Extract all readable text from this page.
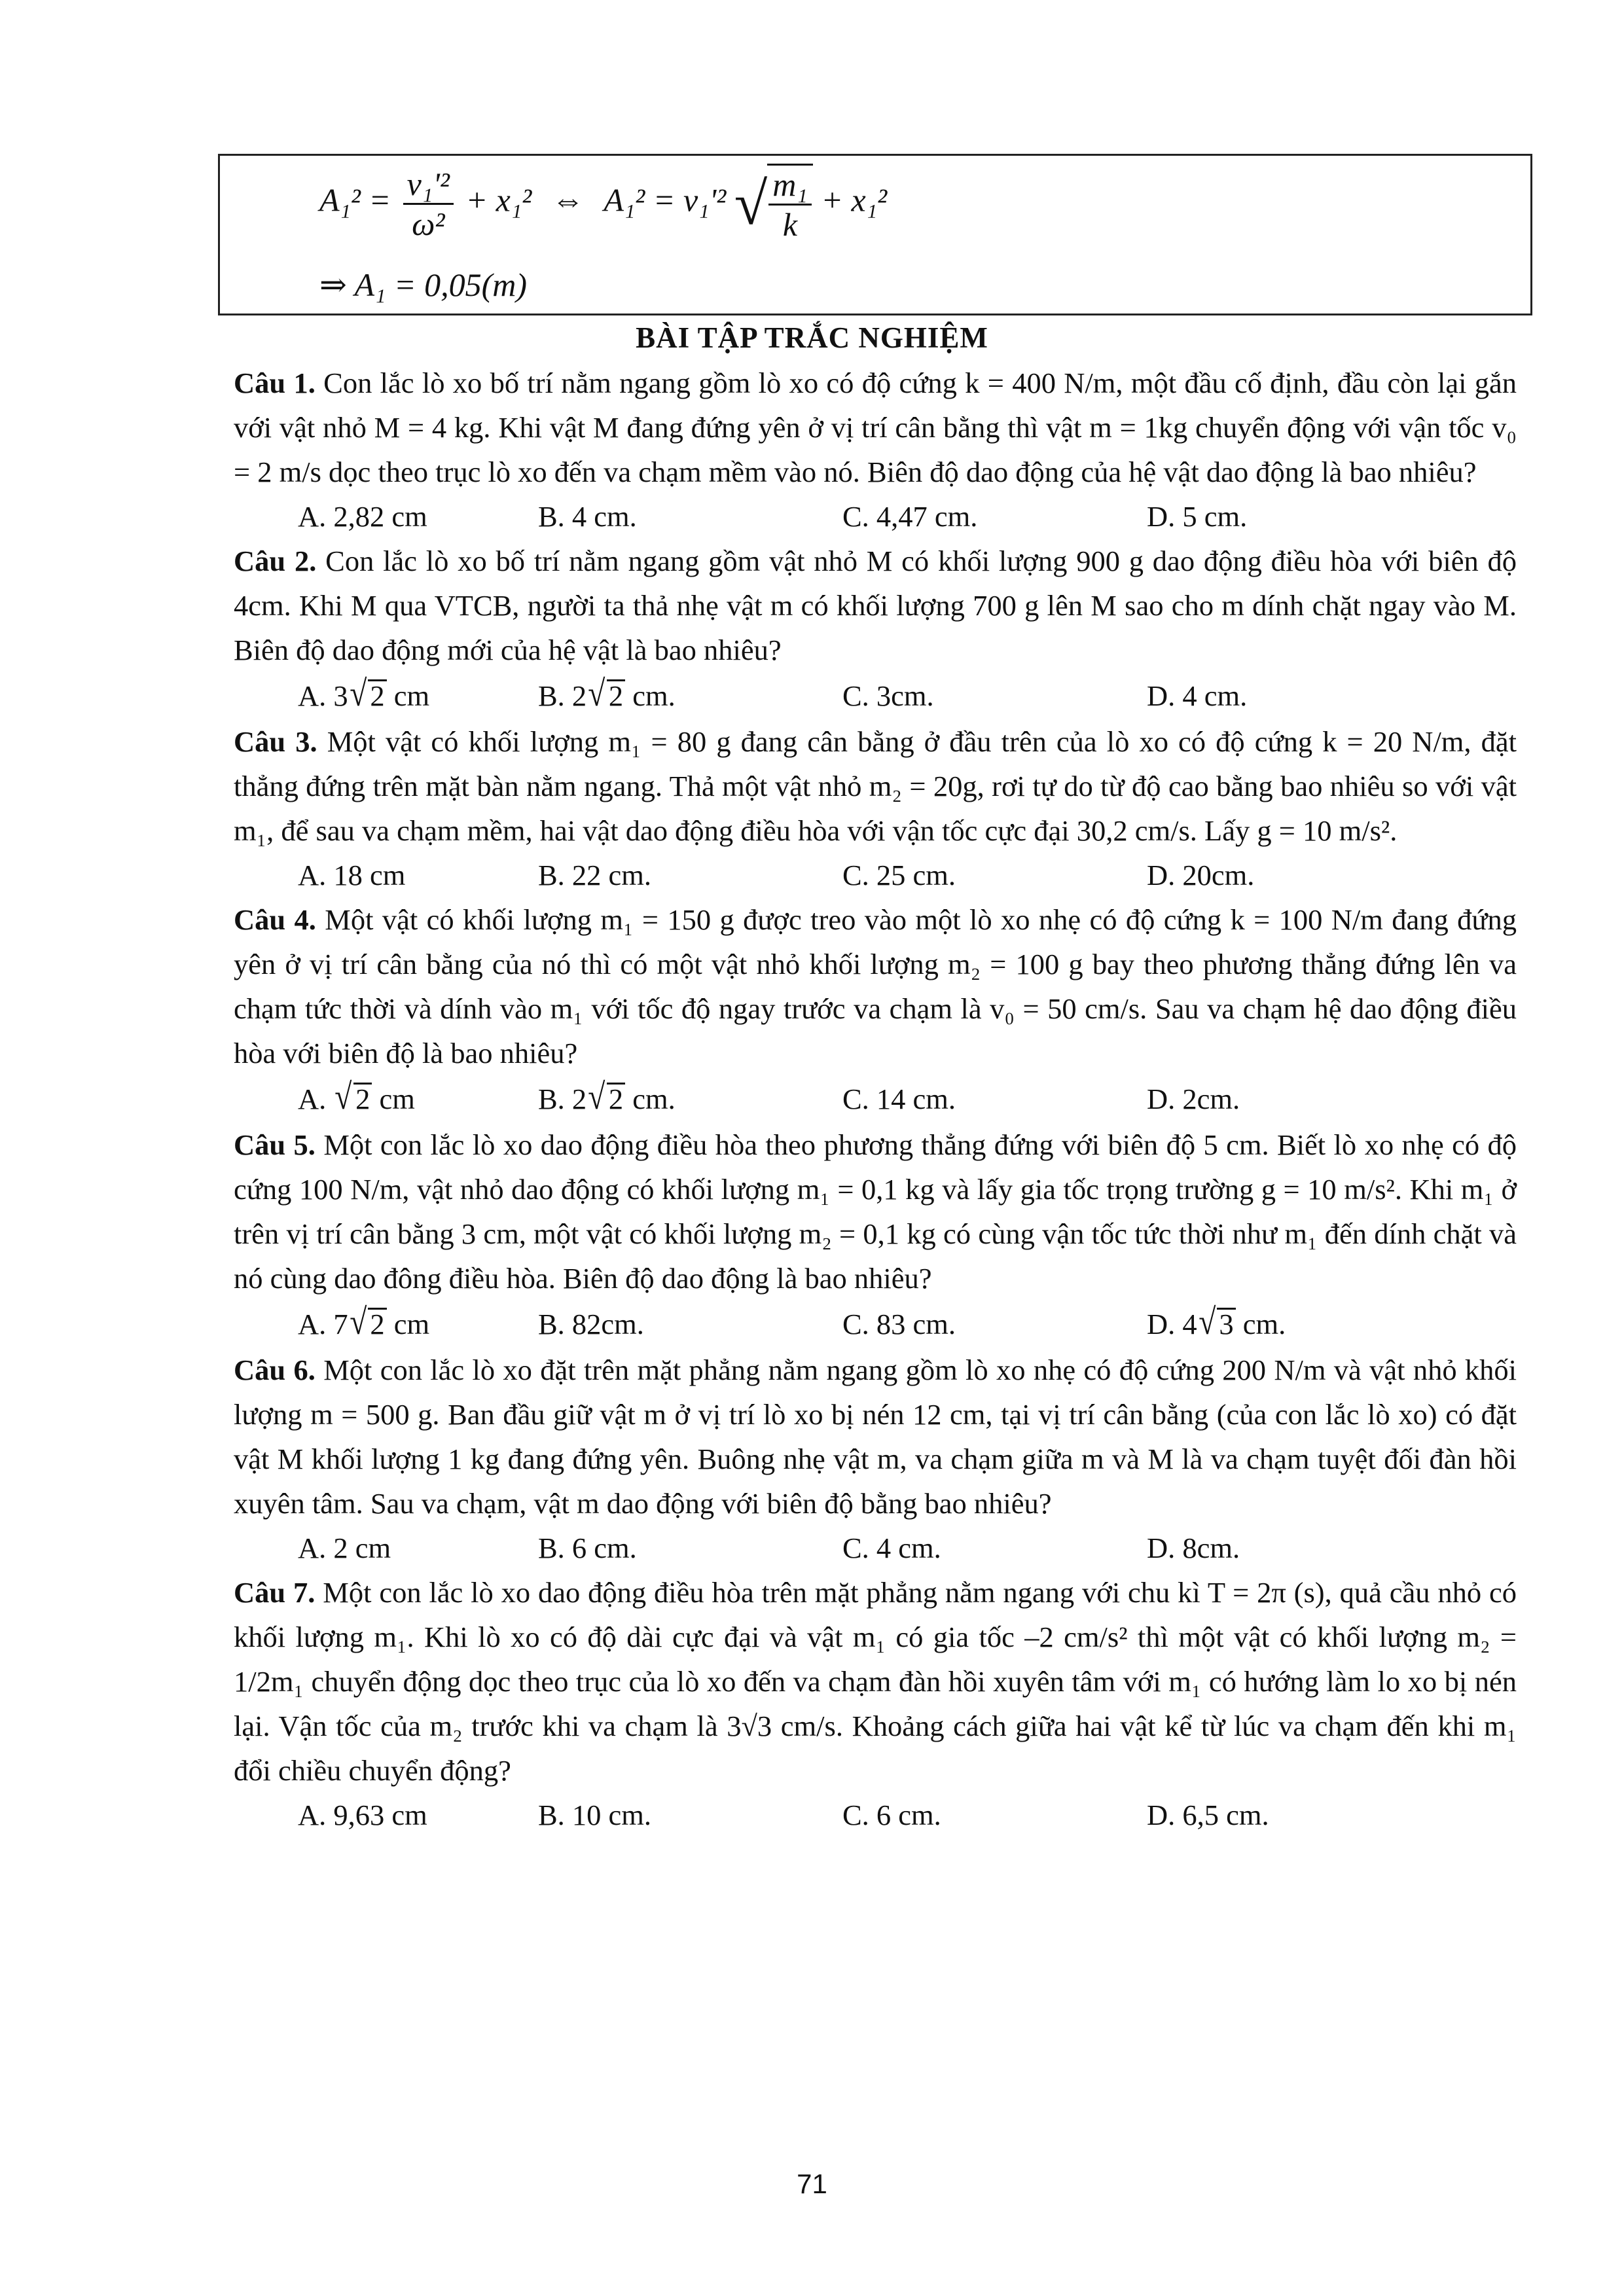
$A_1^2 = \frac{\text{v₁'²}}{\text{ω²}} + x_1^2$ ⇔ A₁² = v₁'² √ $\frac{\text{m₁}}{k} + x_1^2$
⇒ A₁ = 0,05(m)
BÀI TẬP TRẮC NGHIỆM

Câu 1. Con lắc lò xo bố trí nằm ngang gồm lò xo có độ cứng k = 400 N/m, một đầu cố định, đầu còn lại gắn với vật nhỏ M = 4 kg. Khi vật M đang đứng yên ở vị trí cân bằng thì vật m = 1kg chuyển động với vận tốc v₀ = 2 m/s dọc theo trục lò xo đến va chạm mềm vào nó. Biên độ dao động của hệ vật dao động là bao nhiêu?

A. 2,82 cm	B. 4 cm.	C. 4,47 cm.	D. 5 cm.

Câu 2. Con lắc lò xo bố trí nằm ngang gồm vật nhỏ M có khối lượng 900 g dao động điều hòa với biên độ 4cm. Khi M qua VTCB, người ta thả nhẹ vật m có khối lượng 700 g lên M sao cho m dính chặt ngay vào M. Biên độ dao động mới của hệ vật là bao nhiêu?

A. 3√ 2 cm	B. 2√ 2 cm.	C. 3cm.	D. 4 cm.

Câu 3. Một vật có khối lượng m₁ = 80 g đang cân bằng ở đầu trên của lò xo có độ cứng k = 20 N/m, đặt thẳng đứng trên mặt bàn nằm ngang. Thả một vật nhỏ m₂ = 20g, rơi tự do từ độ cao bằng bao nhiêu so với vật m₁, để sau va chạm mềm, hai vật dao động điều hòa với vận tốc cực đại 30,2 cm/s. Lấy g = 10 m/s².

A. 18 cm	B. 22 cm.	C. 25 cm.	D. 20cm.

Câu 4. Một vật có khối lượng m₁ = 150 g được treo vào một lò xo nhẹ có độ cứng k = 100 N/m đang đứng yên ở vị trí cân bằng của nó thì có một vật nhỏ khối lượng m₂ = 100 g bay theo phương thẳng đứng lên va chạm tức thời và dính vào m₁ với tốc độ ngay trước va chạm là v₀ = 50 cm/s. Sau va chạm hệ dao động điều hòa với biên độ là bao nhiêu?

A. √ 2 cm	B. 2√ 2 cm.	C. 14 cm.	D. 2cm.

Câu 5. Một con lắc lò xo dao động điều hòa theo phương thẳng đứng với biên độ 5 cm. Biết lò xo nhẹ có độ cứng 100 N/m, vật nhỏ dao động có khối lượng m₁ = 0,1 kg và lấy gia tốc trọng trường g = 10 m/s². Khi m₁ ở trên vị trí cân bằng 3 cm, một vật có khối lượng m₂ = 0,1 kg có cùng vận tốc tức thời như m₁ đến dính chặt và nó cùng dao đông điều hòa. Biên độ dao động là bao nhiêu?

A. 7√ 2 cm	B. 82cm.	C. 83 cm.	D. 4√ 3 cm.

Câu 6. Một con lắc lò xo đặt trên mặt phẳng nằm ngang gồm lò xo nhẹ có độ cứng 200 N/m và vật nhỏ khối lượng m = 500 g. Ban đầu giữ vật m ở vị trí lò xo bị nén 12 cm, tại vị trí cân bằng (của con lắc lò xo) có đặt vật M khối lượng 1 kg đang đứng yên. Buông nhẹ vật m, va chạm giữa m và M là va chạm tuyệt đối đàn hồi xuyên tâm. Sau va chạm, vật m dao động với biên độ bằng bao nhiêu?

A. 2 cm	B. 6 cm.	C. 4 cm.	D. 8cm.

Câu 7. Một con lắc lò xo dao động điều hòa trên mặt phẳng nằm ngang với chu kì T = 2π (s), quả cầu nhỏ có khối lượng m₁. Khi lò xo có độ dài cực đại và vật m₁ có gia tốc –2 cm/s² thì một vật có khối lượng m₂ = 1/2m₁ chuyển động dọc theo trục của lò xo đến va chạm đàn hồi xuyên tâm với m₁ có hướng làm lo xo bị nén lại. Vận tốc của m₂ trước khi va chạm là 3√3 cm/s. Khoảng cách giữa hai vật kể từ lúc va chạm đến khi m₁ đổi chiều chuyển động?

A. 9,63 cm	B. 10 cm.	C. 6 cm.	D. 6,5 cm.
71
